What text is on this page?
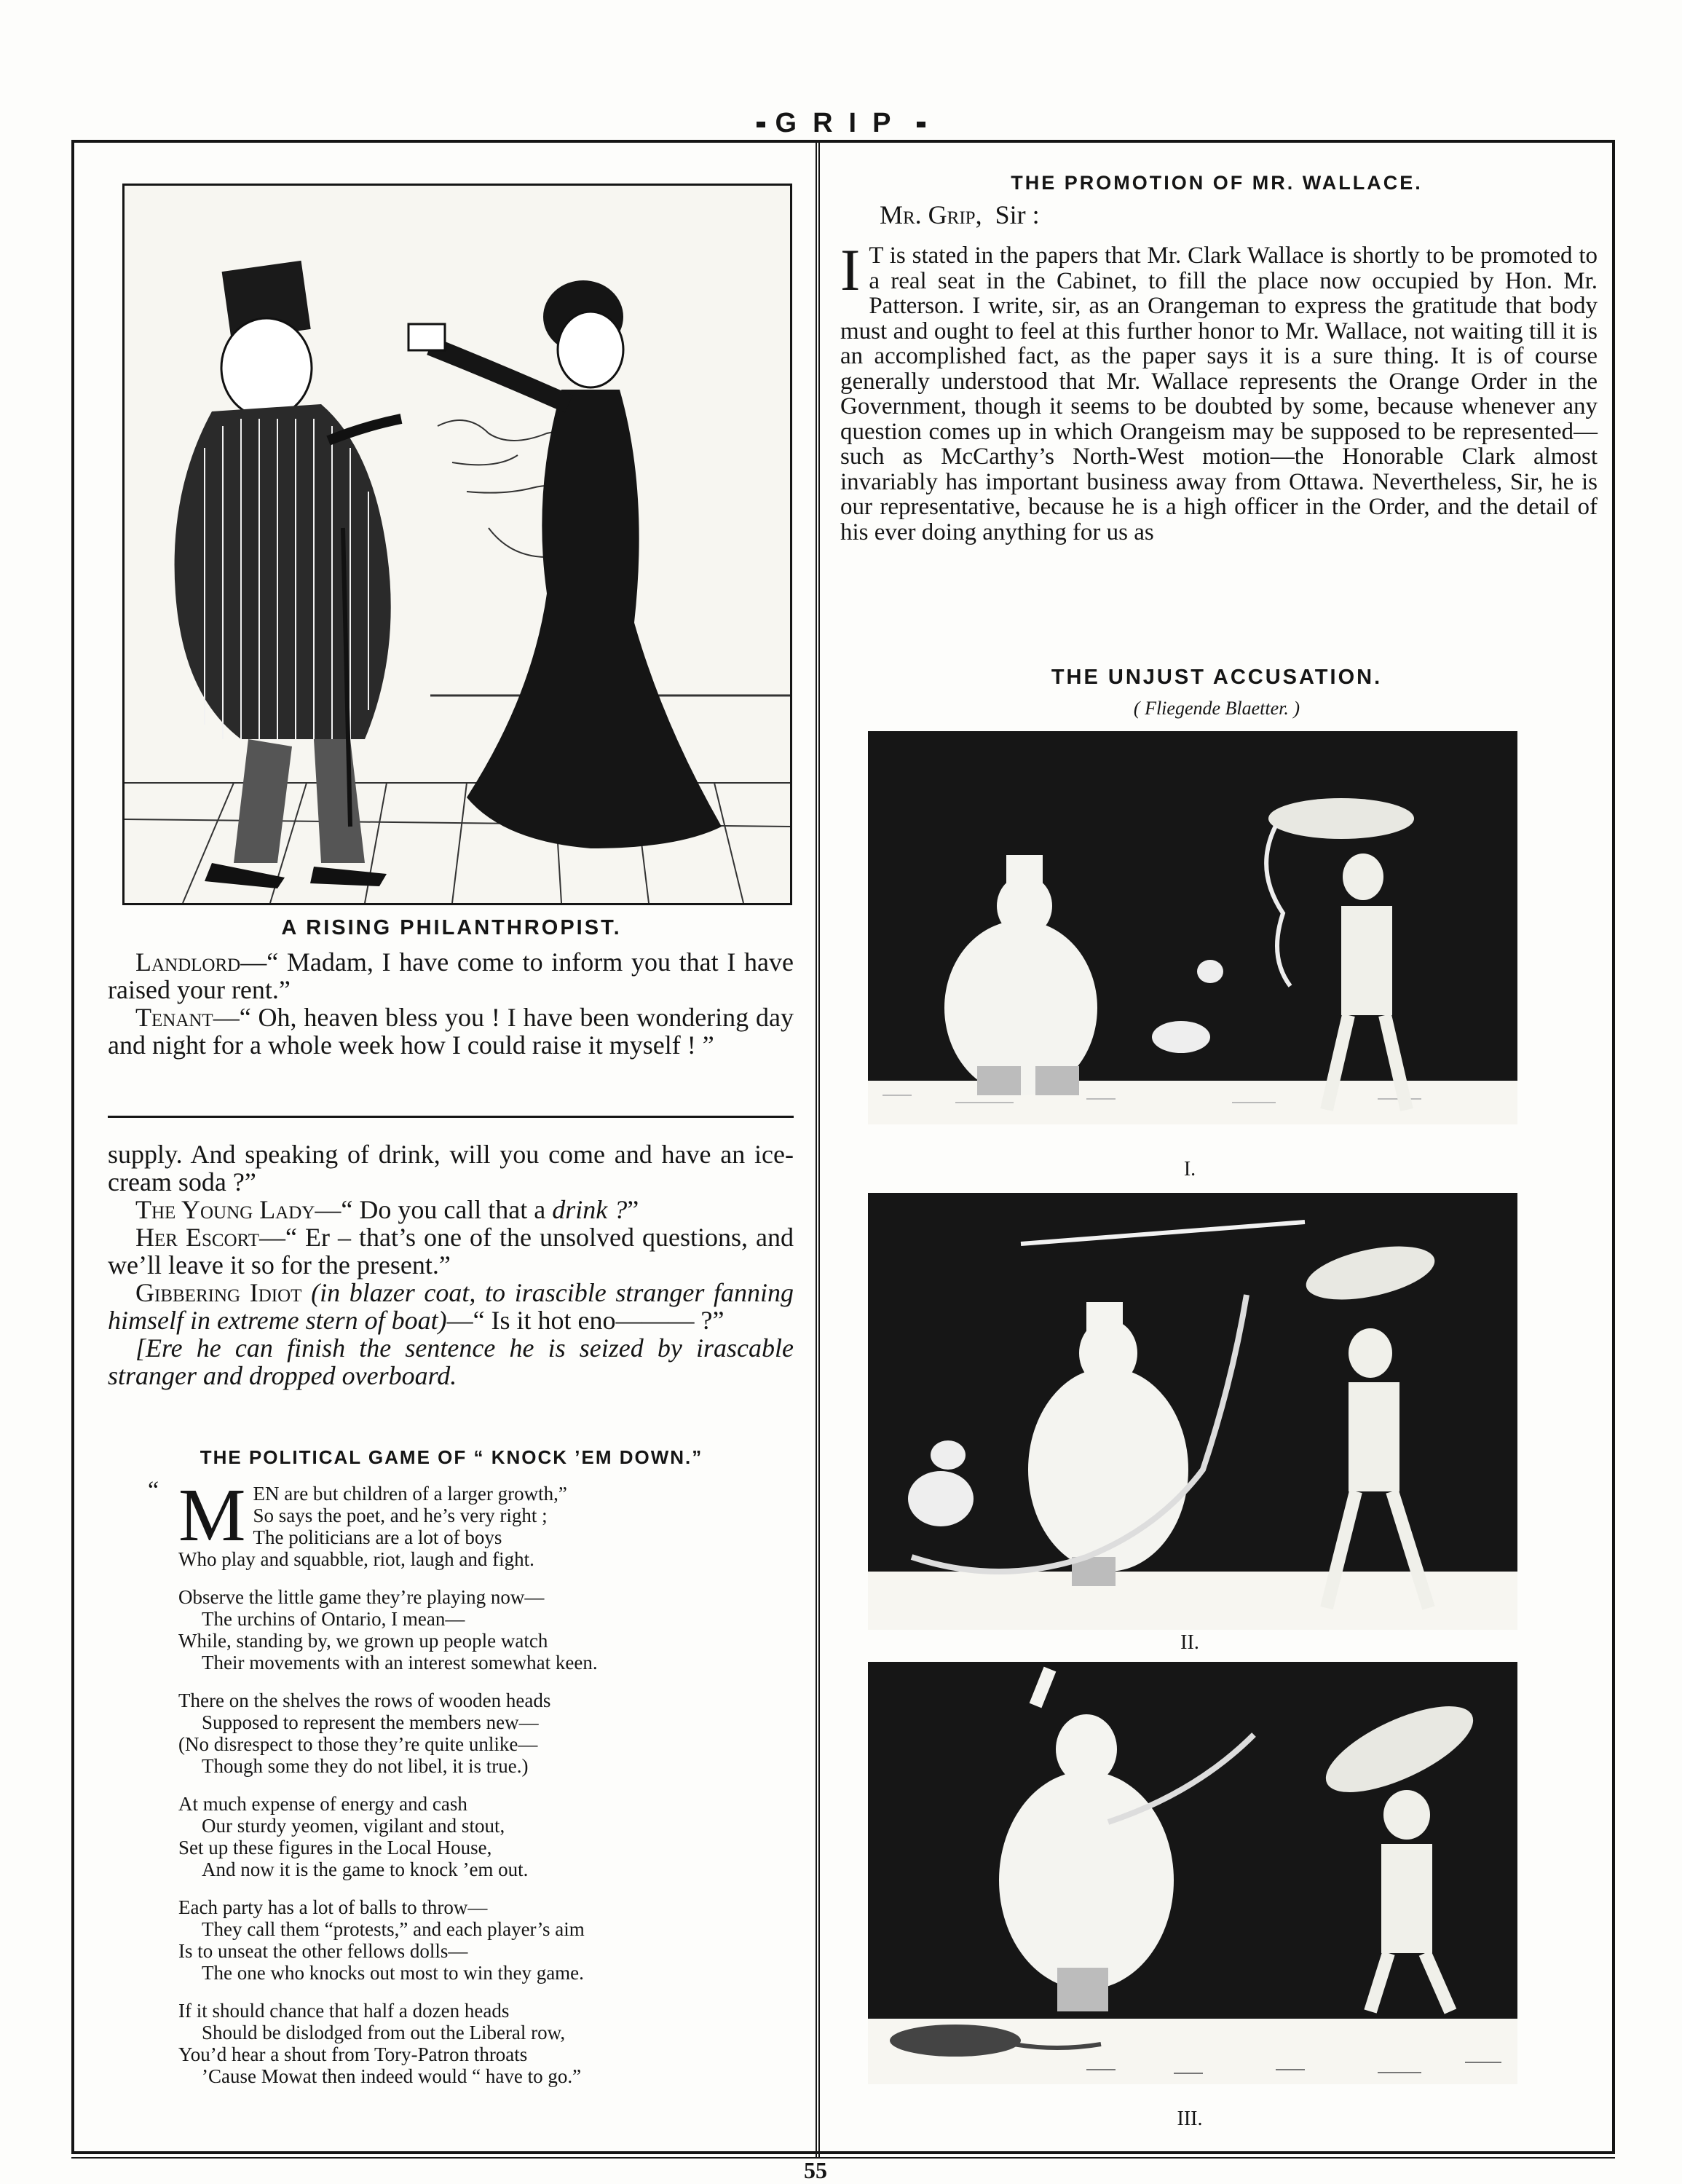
GRIP
A RISING PHILANTHROPIST.

Landlord—“ Madam, I have come to inform you that I have raised your rent.”

Tenant—“ Oh, heaven bless you ! I have been wondering day and night for a whole week how I could raise it myself ! ”

supply. And speaking of drink, will you come and have an ice-cream soda ?”

The Young Lady—“ Do you call that a drink ?”

Her Escort—“ Er – that’s one of the unsolved questions, and we’ll leave it so for the present.”

Gibbering Idiot (in blazer coat, to irascible stranger fanning himself in extreme stern of boat)—“ Is it hot eno——— ?”

[Ere he can finish the sentence he is seized by irascable stranger and dropped overboard.

THE POLITICAL GAME OF “ KNOCK ’EM DOWN.”
“ M EN are but children of a larger growth,”
So says the poet, and he’s very right ;
The politicians are a lot of boys
Who play and squabble, riot, laugh and fight.
Observe the little game they’re playing now—
The urchins of Ontario, I mean—
While, standing by, we grown up people watch
Their movements with an interest somewhat keen.
There on the shelves the rows of wooden heads
Supposed to represent the members new—
(No disrespect to those they’re quite unlike—
Though some they do not libel, it is true.)
At much expense of energy and cash
Our sturdy yeomen, vigilant and stout,
Set up these figures in the Local House,
And now it is the game to knock ’em out.
Each party has a lot of balls to throw—
They call them “protests,” and each player’s aim
Is to unseat the other fellows dolls—
The one who knocks out most to win they game.
If it should chance that half a dozen heads
Should be dislodged from out the Liberal row,
You’d hear a shout from Tory-Patron throats
’Cause Mowat then indeed would “ have to go.”
THE PROMOTION OF MR. WALLACE.
Mr. Grip, Sir :
I T is stated in the papers that Mr. Clark Wallace is shortly to be promoted to a real seat in the Cabinet, to fill the place now occupied by Hon. Mr. Patterson. I write, sir, as an Orangeman to express the gratitude that body must and ought to feel at this further honor to Mr. Wallace, not waiting till it is an accomplished fact, as the paper says it is a sure thing. It is of course generally understood that Mr. Wallace represents the Orange Order in the Government, though it seems to be doubted by some, because whenever any question comes up in which Orangeism may be supposed to be represented—such as McCarthy’s North-West motion—the Honorable Clark almost invariably has important business away from Ottawa. Nevertheless, Sir, he is our representative, because he is a high officer in the Order, and the detail of his ever doing anything for us as
THE UNJUST ACCUSATION.
( Fliegende Blaetter. )
I.
II.
III.
55
